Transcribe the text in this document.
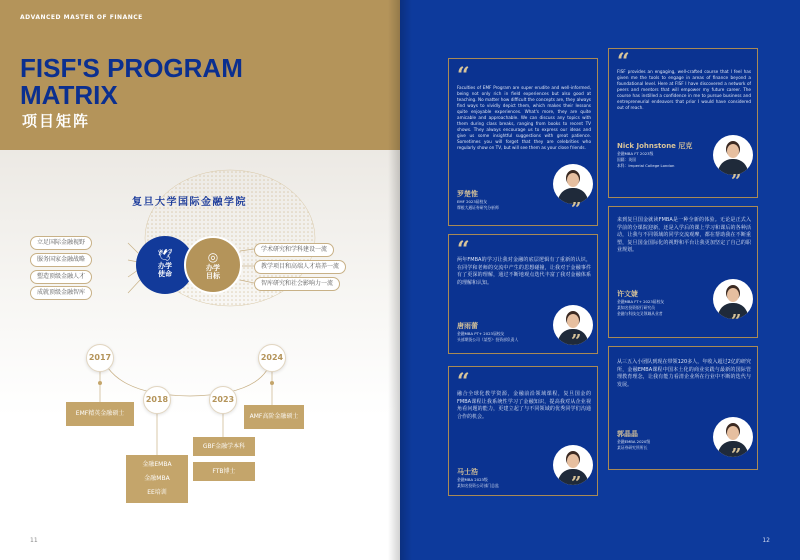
ADVANCED MASTER OF FINANCE
FISF'S PROGRAM
MATRIX
项目矩阵
复旦大学国际金融学院
立足国际金融视野
服务国家金融战略
塑造顶级金融人才
成就顶级金融智库
🕊
办学
使命
◎
办学
目标
学术研究和学科建设一流
教学项目和高端人才培养一流
智库研究和社会影响力一流
2017
2018	2023
2024
EMF精英金融硕士
金融EMBA
金融MBA
EE培训
GBF金融学本科
FTB博士
AMF高阶金融硕士
11
“
Faculties of EMF Program are super erudite and well-informed, being not only rich in field experiences but also good at teaching. No matter how difficult the concepts are, they always find ways to vividly depict them, which makes their lessons quite enjoyable experiences. What's more, they are quite amicable and approachable. We can discuss any topics with them during class breaks, ranging from books to recent TV shows. They always encourage us to express our ideas and give us some insightful suggestions with great patience. Sometimes you will forget that they are celebrities who regularly show on TV, but will see them as your close friends.
罗楚惟
EMF 2023届校友
摩根大通证券研究分析师	”
“
FISF provides an engaging, well-crafted course that I feel has given me the tools to engage in areas of finance beyond a foundational level. Here at FISF I have discovered a network of peers and mentors that will empower my future career. The course has instilled a confidence in me to pursue business and entrepreneurial endeavors that prior I would have considered out of reach.
Nick Johnstone 尼克
金融MBA FT 2023级
国籍：英国
本科：Imperial College London
”
“
两年FMBA的学习让我对金融的底层逻辑有了重新的认识，在同学和老师的交流中产生的思想碰撞，让我对于金融事件有了更深的理解，通过不断地观点迭代丰富了我对金融体系的理解和认知。
唐雨蕾
金融MBA PT+ 2023届校友
头部期货公司（某型）· 投资部负责人	”
来到复旦国金就读FMBA是一种全新的体验。无论是正式入学前的分课院迎新，还是入学后的课上学习和课后的各种活动，让我与不同领域的同学交流观摩，都在帮助我在不断重塑，复旦国金国际化的视野和平台让我更加坚定了自己的职业规划。
许文婕
金融MBA FT+ 2023届校友
某知名投资银行研究员
金融与科技交叉领域从业者	”
“
融合全球化教学资源，金融前沿领域课程，复旦国金的FMBA课程让我系统性学习了金融知识，提高我对从企业视角看问题的能力，更建立起了与不同领域的优秀同学们沟通合作的机会。
马士浩
金融MBA 2023级
某知名投资公司部门总监	”
从三五入小团队到现在带领120多人，年收入超过2亿的研究所，金融EMBA课程中国本土化的商业实践与最新的国际管理教育理念，让我有能力看清企业所在行业中不断的迭代与发展。
郭晶晶
金融EMBA 2020级
某证券研究所所长	”
12
